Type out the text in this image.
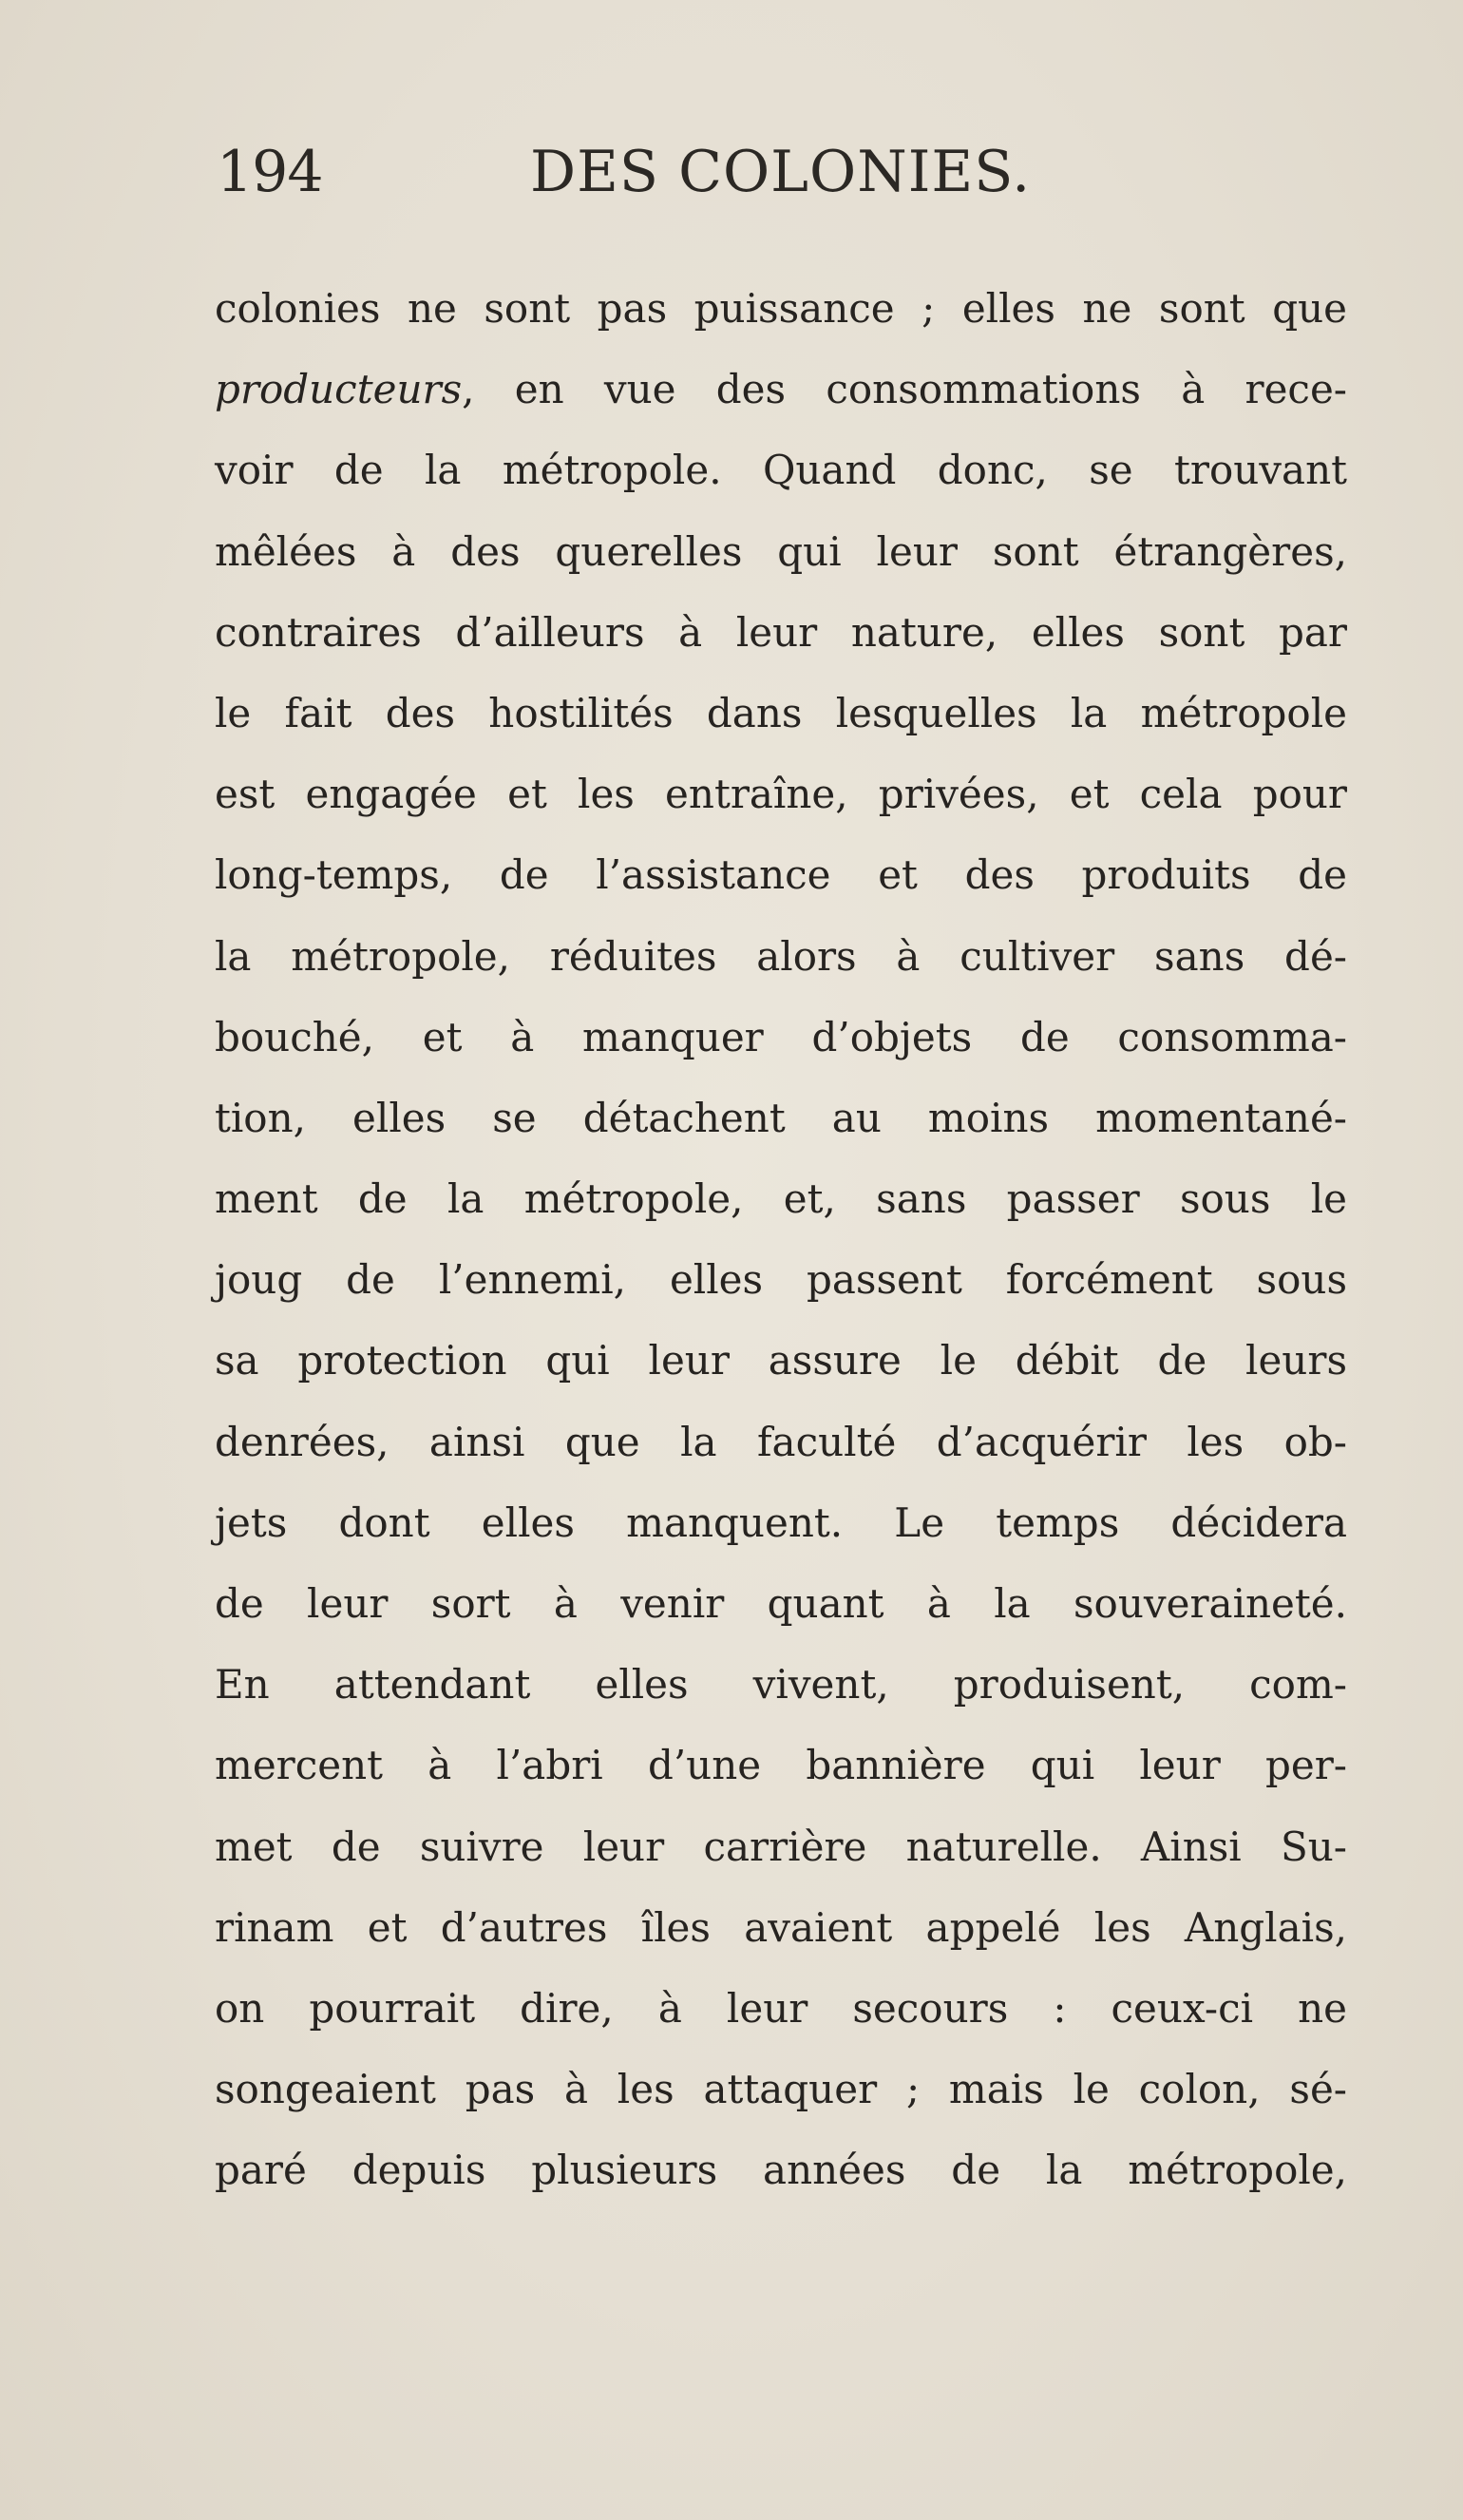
194	DES COLONIES.
colonies ne sont pas puissance ; elles ne sont que
producteurs, en vue des consommations à rece-
voir de la métropole. Quand donc, se trouvant
mêlées à des querelles qui leur sont étrangères,
contraires d’ailleurs à leur nature, elles sont par
le fait des hostilités dans lesquelles la métropole
est engagée et les entraîne, privées, et cela pour
long-temps, de l’assistance et des produits de
la métropole, réduites alors à cultiver sans dé-
bouché, et à manquer d’objets de consomma-
tion, elles se détachent au moins momentané-
ment de la métropole, et, sans passer sous le
joug de l’ennemi, elles passent forcément sous
sa protection qui leur assure le débit de leurs
denrées, ainsi que la faculté d’acquérir les ob-
jets dont elles manquent. Le temps décidera
de leur sort à venir quant à la souveraineté.
En attendant elles vivent, produisent, com-
mercent à l’abri d’une bannière qui leur per-
met de suivre leur carrière naturelle. Ainsi Su-
rinam et d’autres îles avaient appelé les Anglais,
on pourrait dire, à leur secours : ceux-ci ne
songeaient pas à les attaquer ; mais le colon, sé-
paré depuis plusieurs années de la métropole,
